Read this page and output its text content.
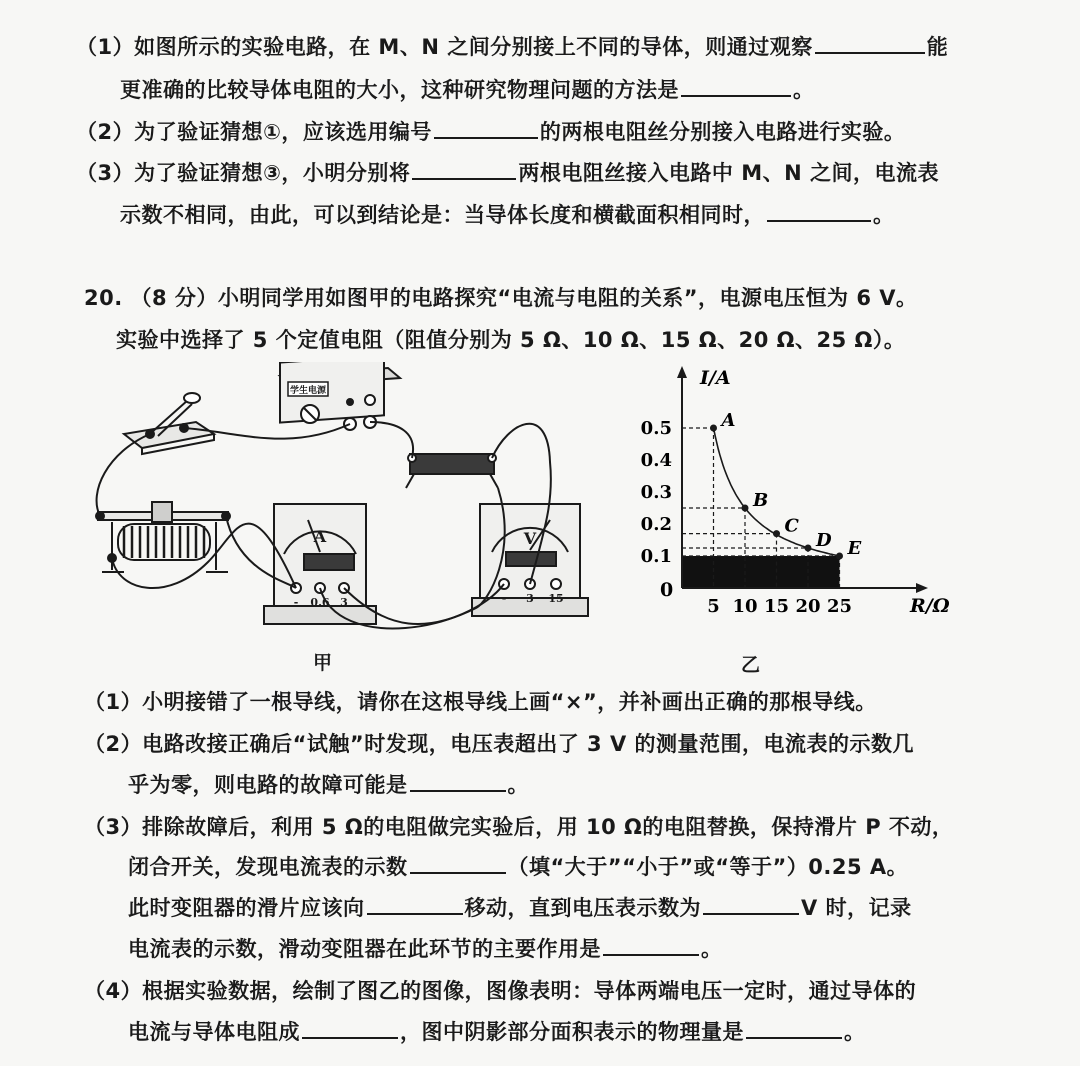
（1）如图所示的实验电路，在 M、N 之间分别接上不同的导体，则通过观察	能
更准确的比较导体电阻的大小，这种研究物理问题的方法是	。
（2）为了验证猜想①，应该选用编号	的两根电阻丝分别接入电路进行实验。
（3）为了验证猜想③，小明分别将	两根电阻丝接入电路中 M、N 之间，电流表
示数不相同，由此，可以到结论是：当导体长度和横截面积相同时，	。
20. （8 分）小明同学用如图甲的电路探究“电流与电阻的关系”，电源电压恒为 6 V。
实验中选择了 5 个定值电阻（阻值分别为 5 Ω、10 Ω、15 Ω、20 Ω、25 Ω）。
学生电源
A
- 0.6 3
V
- 3 15
甲
I/A
R/Ω
0
5 10 15 20 25
0.1
0.2
0.3
0.4
0.5	A
B
C
D E
乙
（1）小明接错了一根导线，请你在这根导线上画“×”，并补画出正确的那根导线。
（2）电路改接正确后“试触”时发现，电压表超出了 3 V 的测量范围，电流表的示数几
乎为零，则电路的故障可能是	。
（3）排除故障后，利用 5 Ω的电阻做完实验后，用 10 Ω的电阻替换，保持滑片 P 不动，
闭合开关，发现电流表的示数	（填“大于”“小于”或“等于”）0.25 A。
此时变阻器的滑片应该向	移动，直到电压表示数为	V 时，记录
电流表的示数，滑动变阻器在此环节的主要作用是	。
（4）根据实验数据，绘制了图乙的图像，图像表明：导体两端电压一定时，通过导体的
电流与导体电阻成	，图中阴影部分面积表示的物理量是	。
